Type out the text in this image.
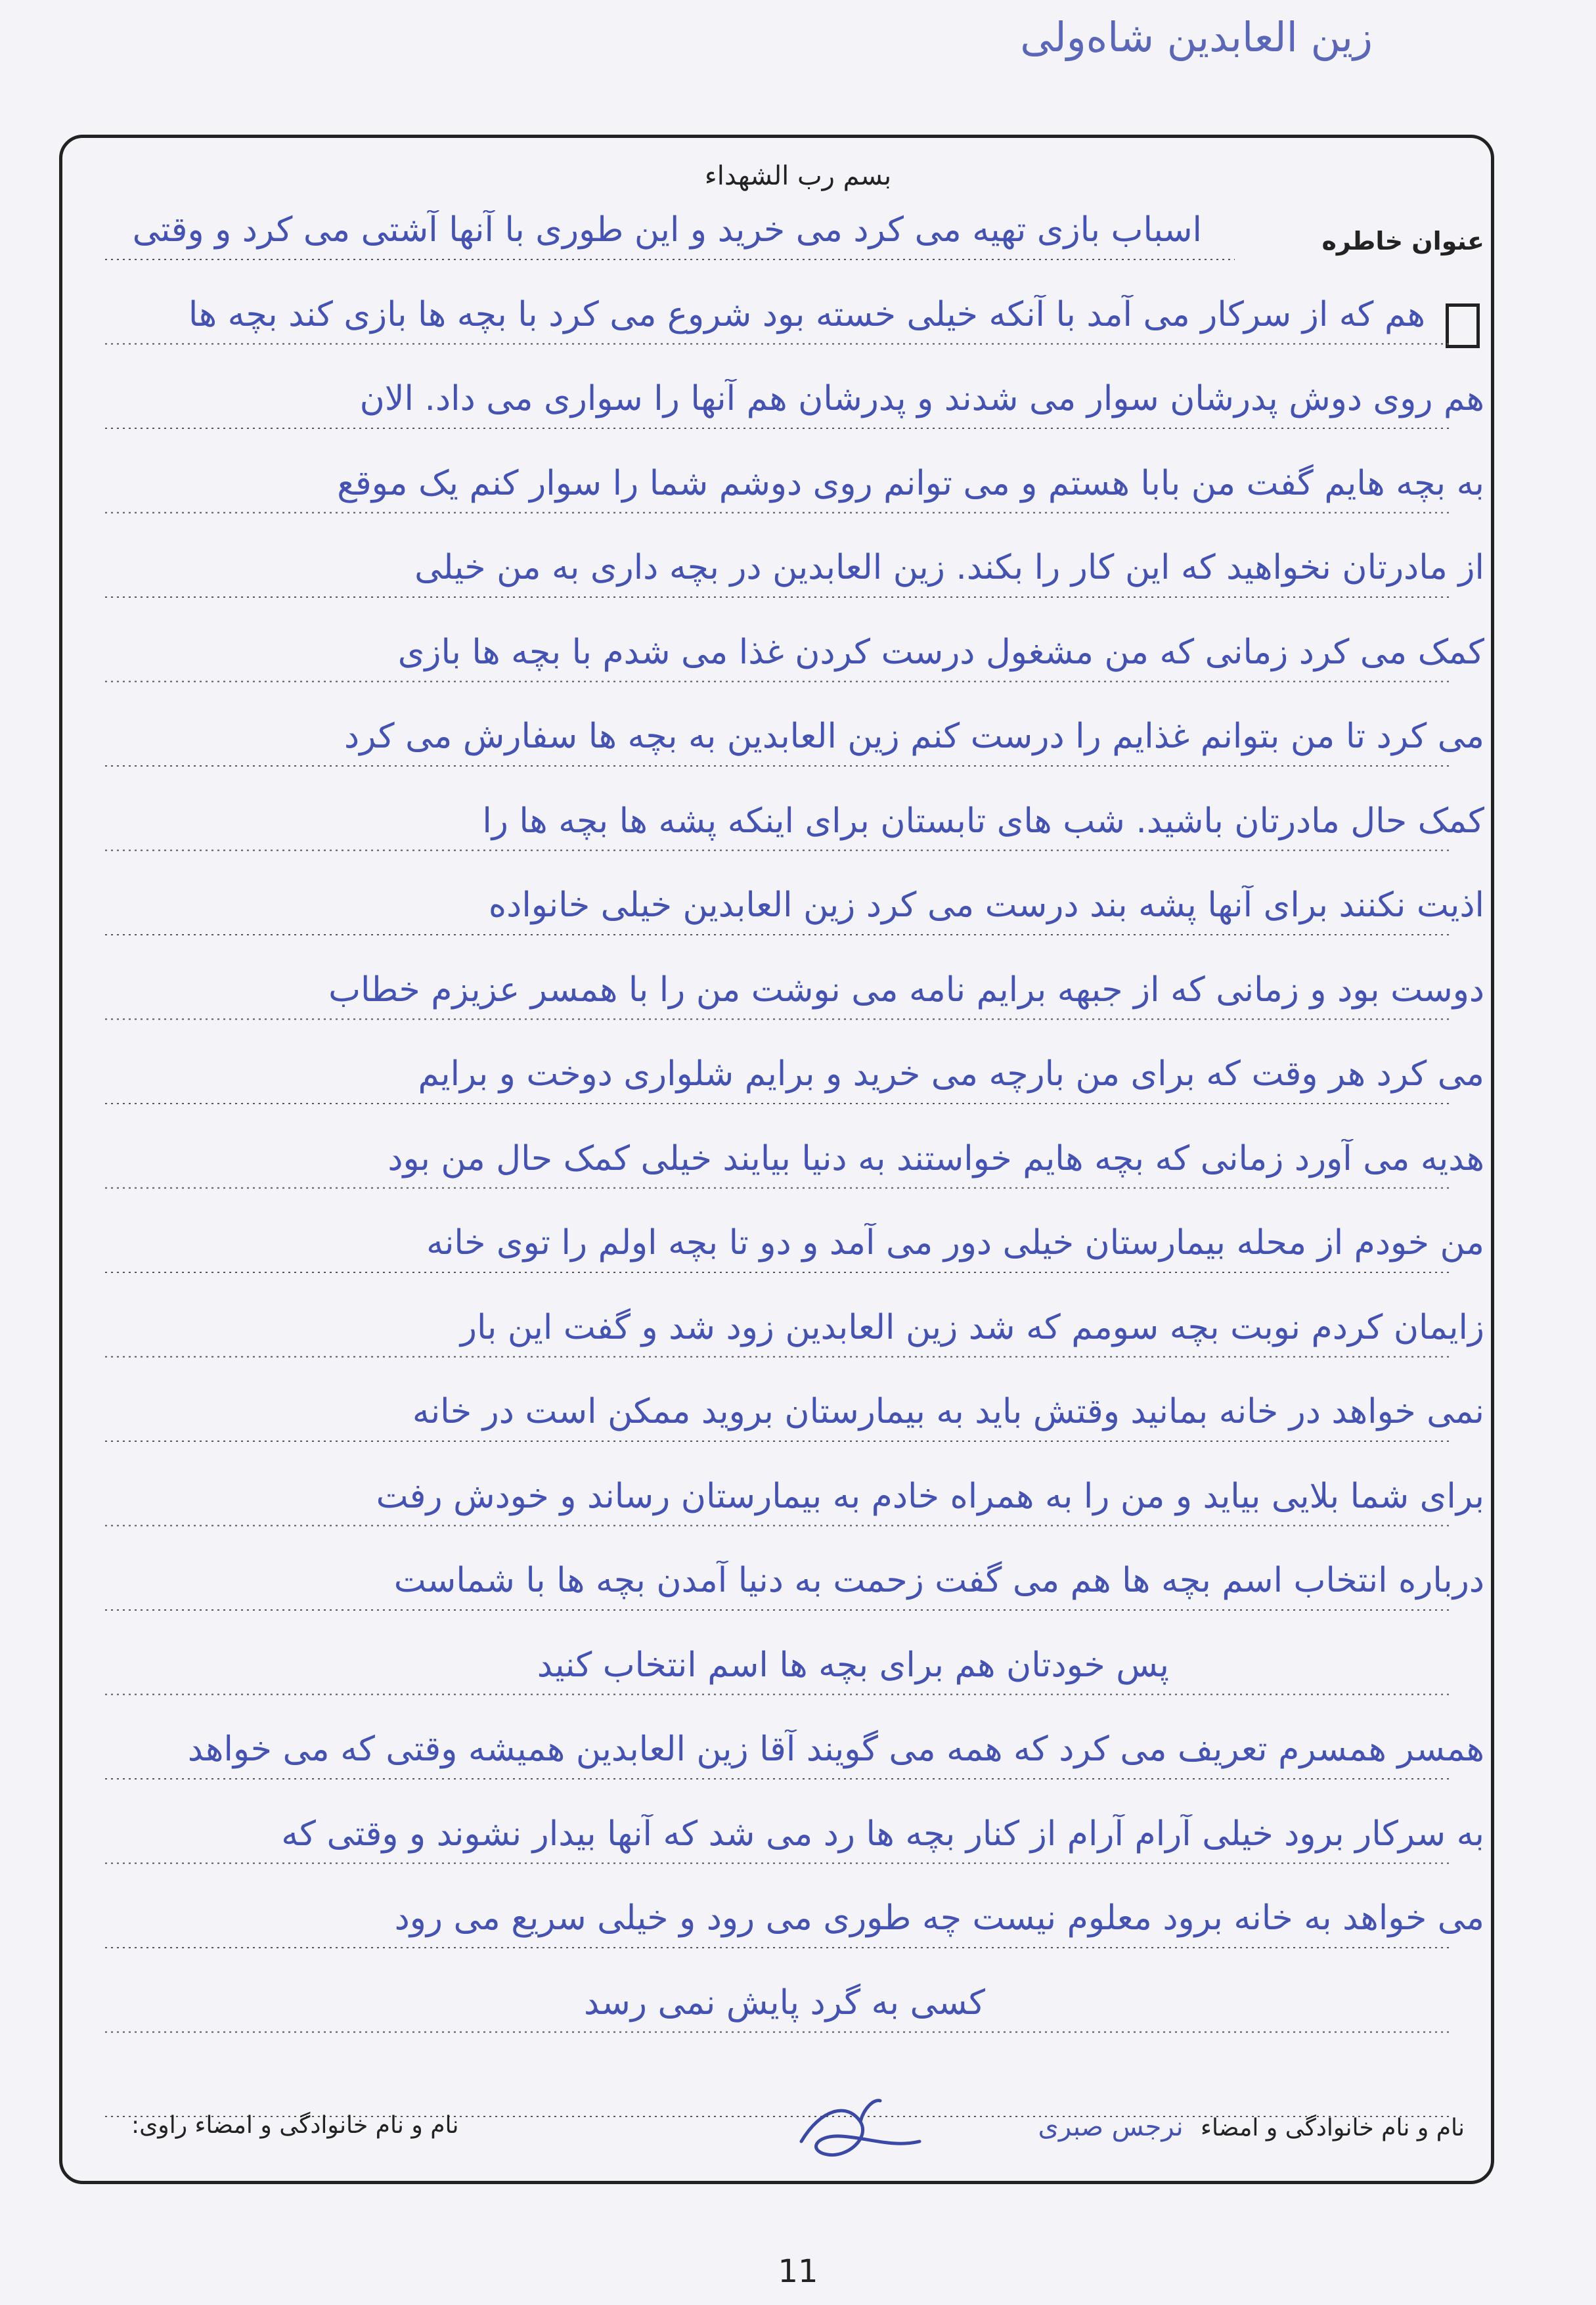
زین العابدین شاه‌ولی
بسم رب الشهداء
عنوان خاطره
اسباب بازی تهیه می کرد می خرید و این طوری با آنها آشتی می کرد و وقتی
هم که از سرکار می آمد با آنکه خیلی خسته بود شروع می کرد با بچه ها بازی کند بچه ها
هم روی دوش پدرشان سوار می شدند و پدرشان هم آنها را سواری می داد. الان
به بچه هایم گفت من بابا هستم و می توانم روی دوشم شما را سوار کنم یک موقع
از مادرتان نخواهید که این کار را بکند. زین العابدین در بچه داری به من خیلی
کمک می کرد زمانی که من مشغول درست کردن غذا می شدم با بچه ها بازی
می کرد تا من بتوانم غذایم را درست کنم زین العابدین به بچه ها سفارش می کرد
کمک حال مادرتان باشید. شب های تابستان برای اینکه پشه ها بچه ها را
اذیت نکنند برای آنها پشه بند درست می کرد زین العابدین خیلی خانواده
دوست بود و زمانی که از جبهه برایم نامه می نوشت من را با همسر عزیزم خطاب
می کرد هر وقت که برای من بارچه می خرید و برایم شلواری دوخت و برایم
هدیه می آورد زمانی که بچه هایم خواستند به دنیا بیایند خیلی کمک حال من بود
من خودم از محله بیمارستان خیلی دور می آمد و دو تا بچه اولم را توی خانه
زایمان کردم نوبت بچه سومم که شد زین العابدین زود شد و گفت این بار
نمی خواهد در خانه بمانید وقتش باید به بیمارستان بروید ممکن است در خانه
برای شما بلایی بیاید و من را به همراه خادم به بیمارستان رساند و خودش رفت
درباره انتخاب اسم بچه ها هم می گفت زحمت به دنیا آمدن بچه ها با شماست
پس خودتان هم برای بچه ها اسم انتخاب کنید
همسر همسرم تعریف می کرد که همه می گویند آقا زین العابدین همیشه وقتی که می خواهد
به سرکار برود خیلی آرام آرام از کنار بچه ها رد می شد که آنها بیدار نشوند و وقتی که
می خواهد به خانه برود معلوم نیست چه طوری می رود و خیلی سریع می رود
کسی به گرد پایش نمی رسد
نام و نام خانوادگی و امضاء نرجس صبری
نام و نام خانوادگی و امضاء راوی:
11
